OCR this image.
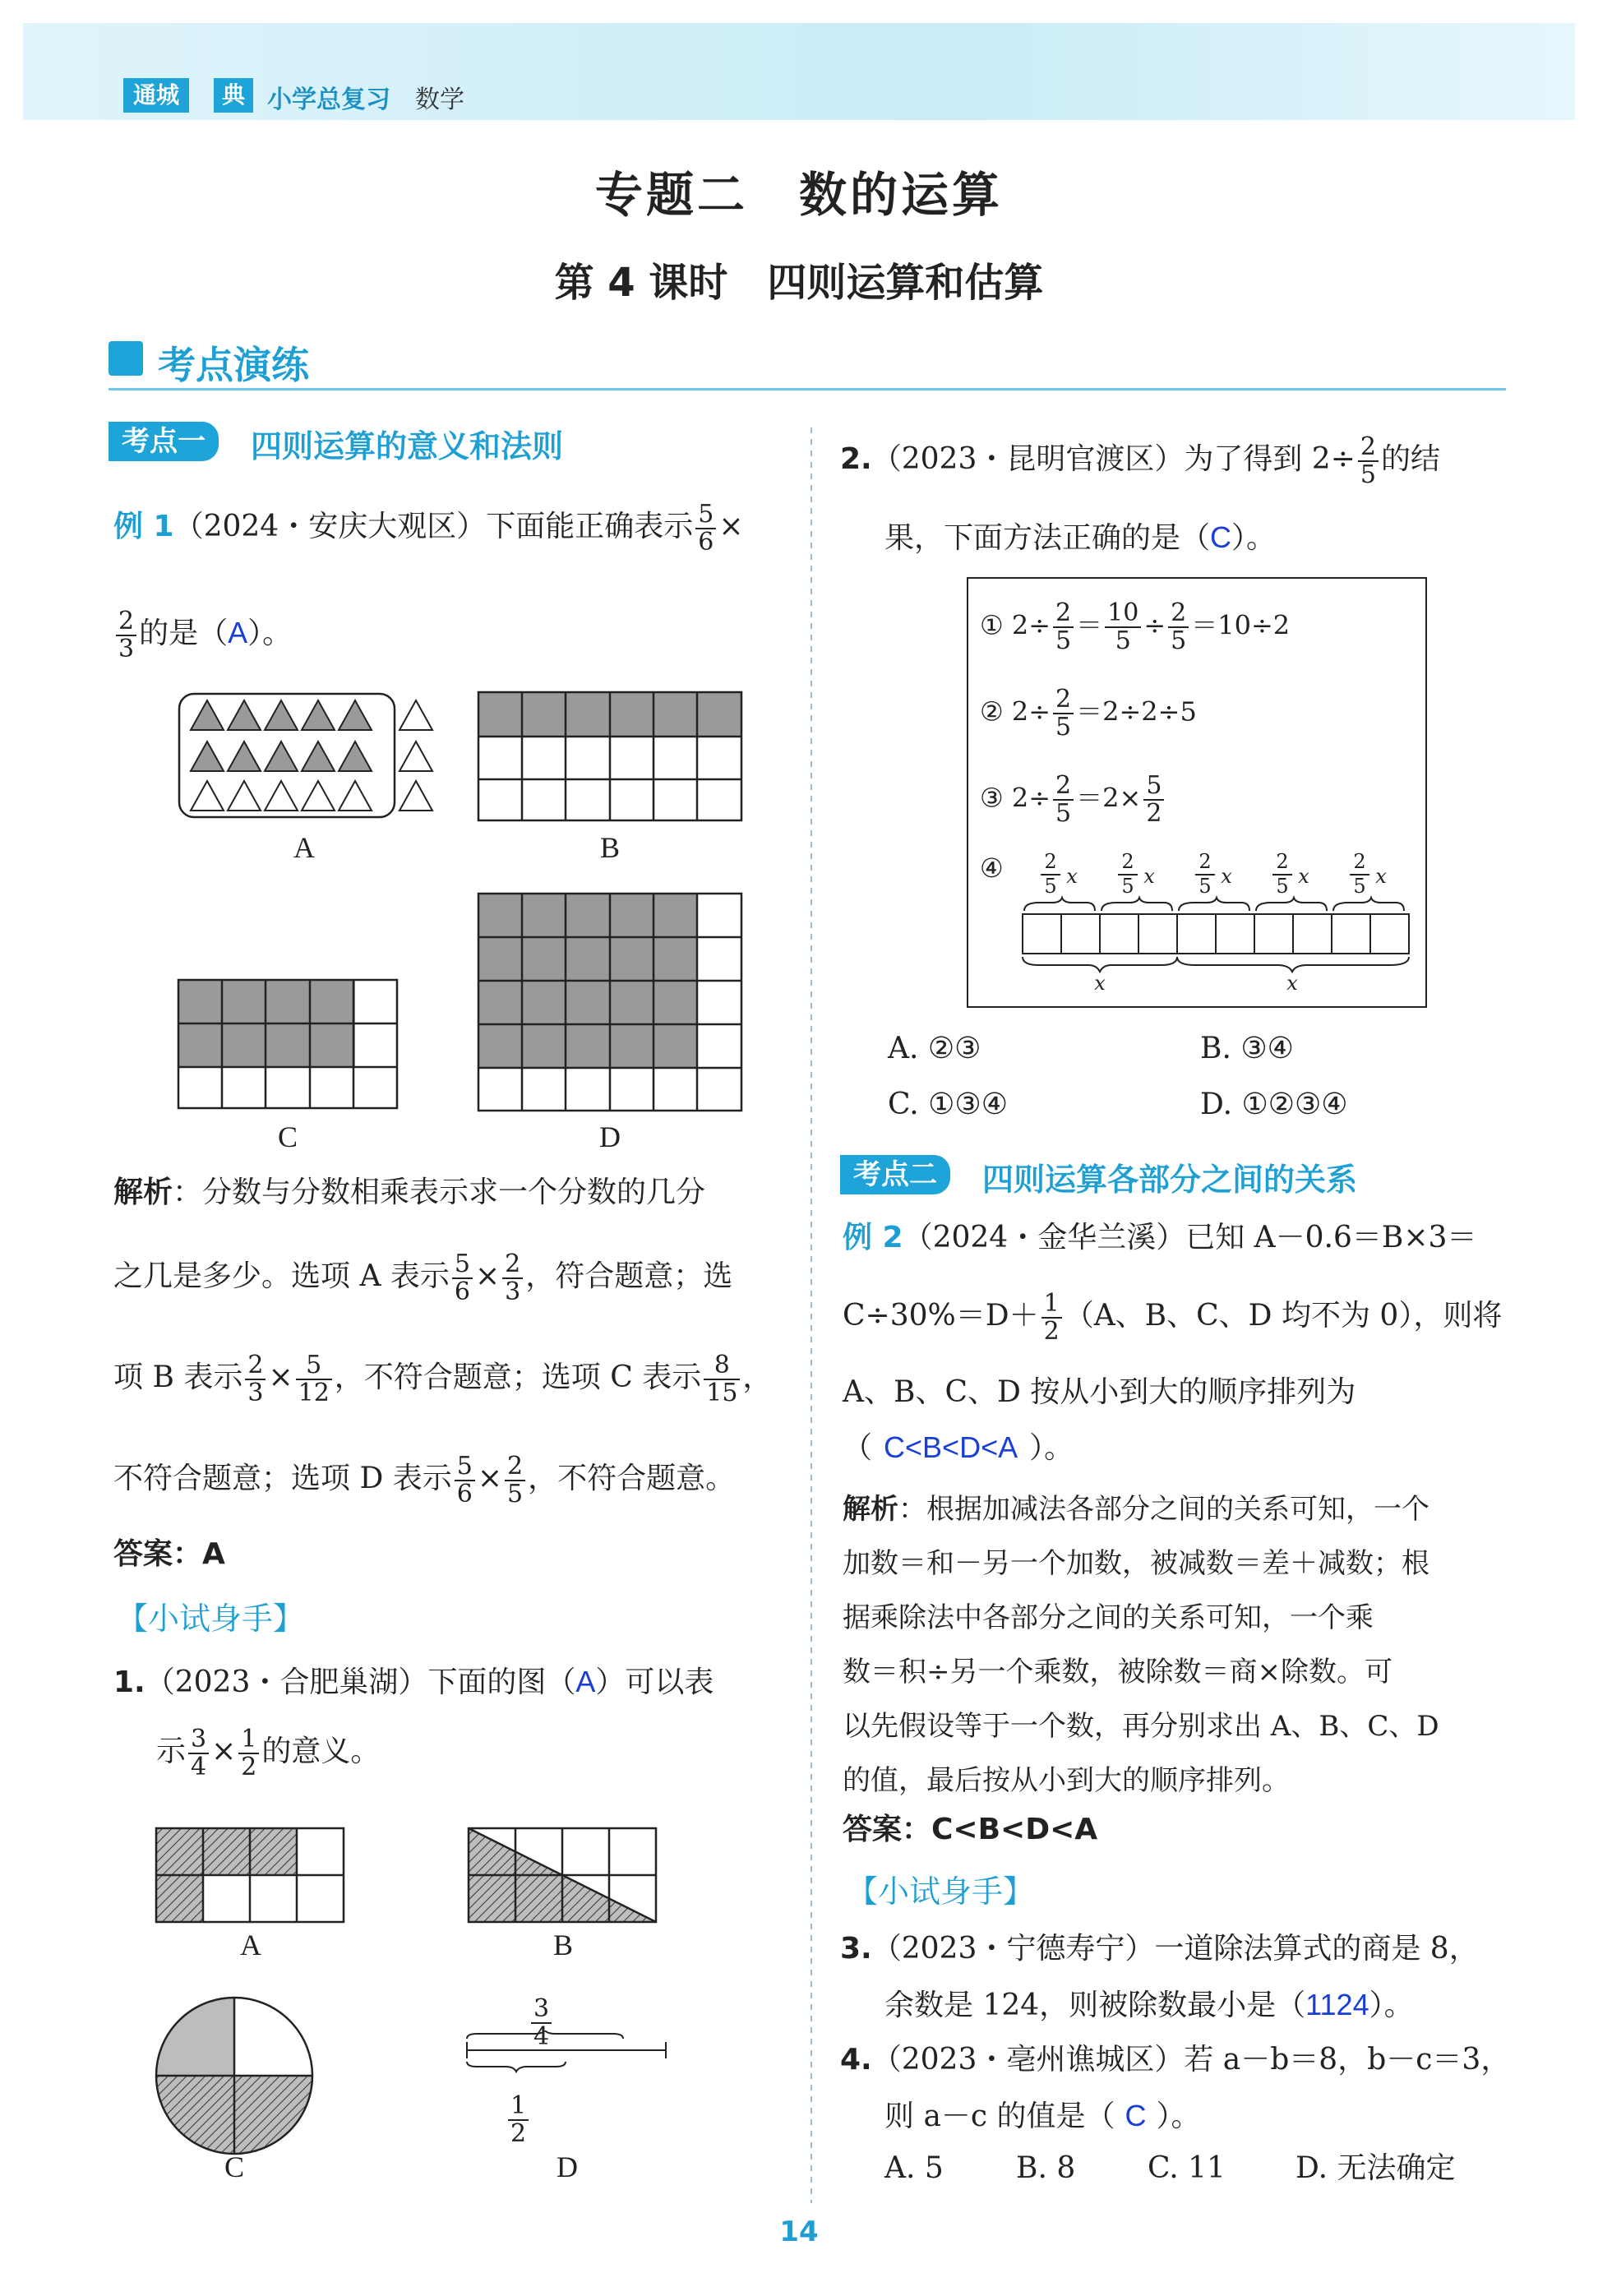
通城	典 小学总复习 数学
专题二　数的运算
第 4 课时　四则运算和估算
考点演练
考点一	四则运算的意义和法则
例 1（2024・安庆大观区）下面能正确表示 $\frac{5}{6}$ ×
$\frac{2}{3}$ 的是（A）。
A	B
C	D
解析：分数与分数相乘表示求一个分数的几分
之几是多少。选项 A 表示 $\frac{5}{6} \times \frac{2}{3}$ ，符合题意；选
项 B 表示 $\frac{2}{3} \times \frac{5}{12}$ ，不符合题意；选项 C 表示 $\frac{8}{15}$ ，
不符合题意；选项 D 表示 $\frac{5}{6} \times \frac{2}{5}$ ，不符合题意。
答案：A
【小试身手】
1.（2023・合肥巢湖）下面的图（A）可以表
示 $\frac{3}{4} \times \frac{1}{2}$ 的意义。
A	B
C
$\frac{3}{4}$
$\frac{1}{2}$
D
2.（2023・昆明官渡区）为了得到 $2\div \frac{2}{5}$ 的结
果，下面方法正确的是（C）。
① $2\div \frac{2}{5} = \frac{10}{5} \div \frac{2}{5} =10\div 2$
② $2\div \frac{2}{5} =2\div 2\div 5$
③ $2\div \frac{2}{5} =2\times \frac{5}{2}$
④ 2
5 x
2
5 x
2
5 x
2
5 x
2
5 x
x	x
A. ②③	B. ③④
C. ①③④	D. ①②③④
考点二	四则运算各部分之间的关系
例 2（2024・金华兰溪）已知 A－0.6＝B×3＝
$C\div 30\%=D+ \frac{1}{2} (A$、B、C、D 均不为 0），则将
A、B、C、D 按从小到大的顺序排列为
（ C<B<D<A ）。
解析：根据加减法各部分之间的关系可知，一个
加数＝和－另一个加数，被减数＝差＋减数；根
据乘除法中各部分之间的关系可知，一个乘
数＝积÷另一个乘数，被除数＝商×除数。可
以先假设等于一个数，再分别求出 A、B、C、D
的值，最后按从小到大的顺序排列。
答案：C<B<D<A
【小试身手】
3.（2023・宁德寿宁）一道除法算式的商是 8，
余数是 124，则被除数最小是（1124）。
4.（2023・亳州谯城区）若 a－b＝8，b－c＝3，
则 a－c 的值是（ C ）。
A. 5 B. 8 C. 11 D. 无法确定
14
